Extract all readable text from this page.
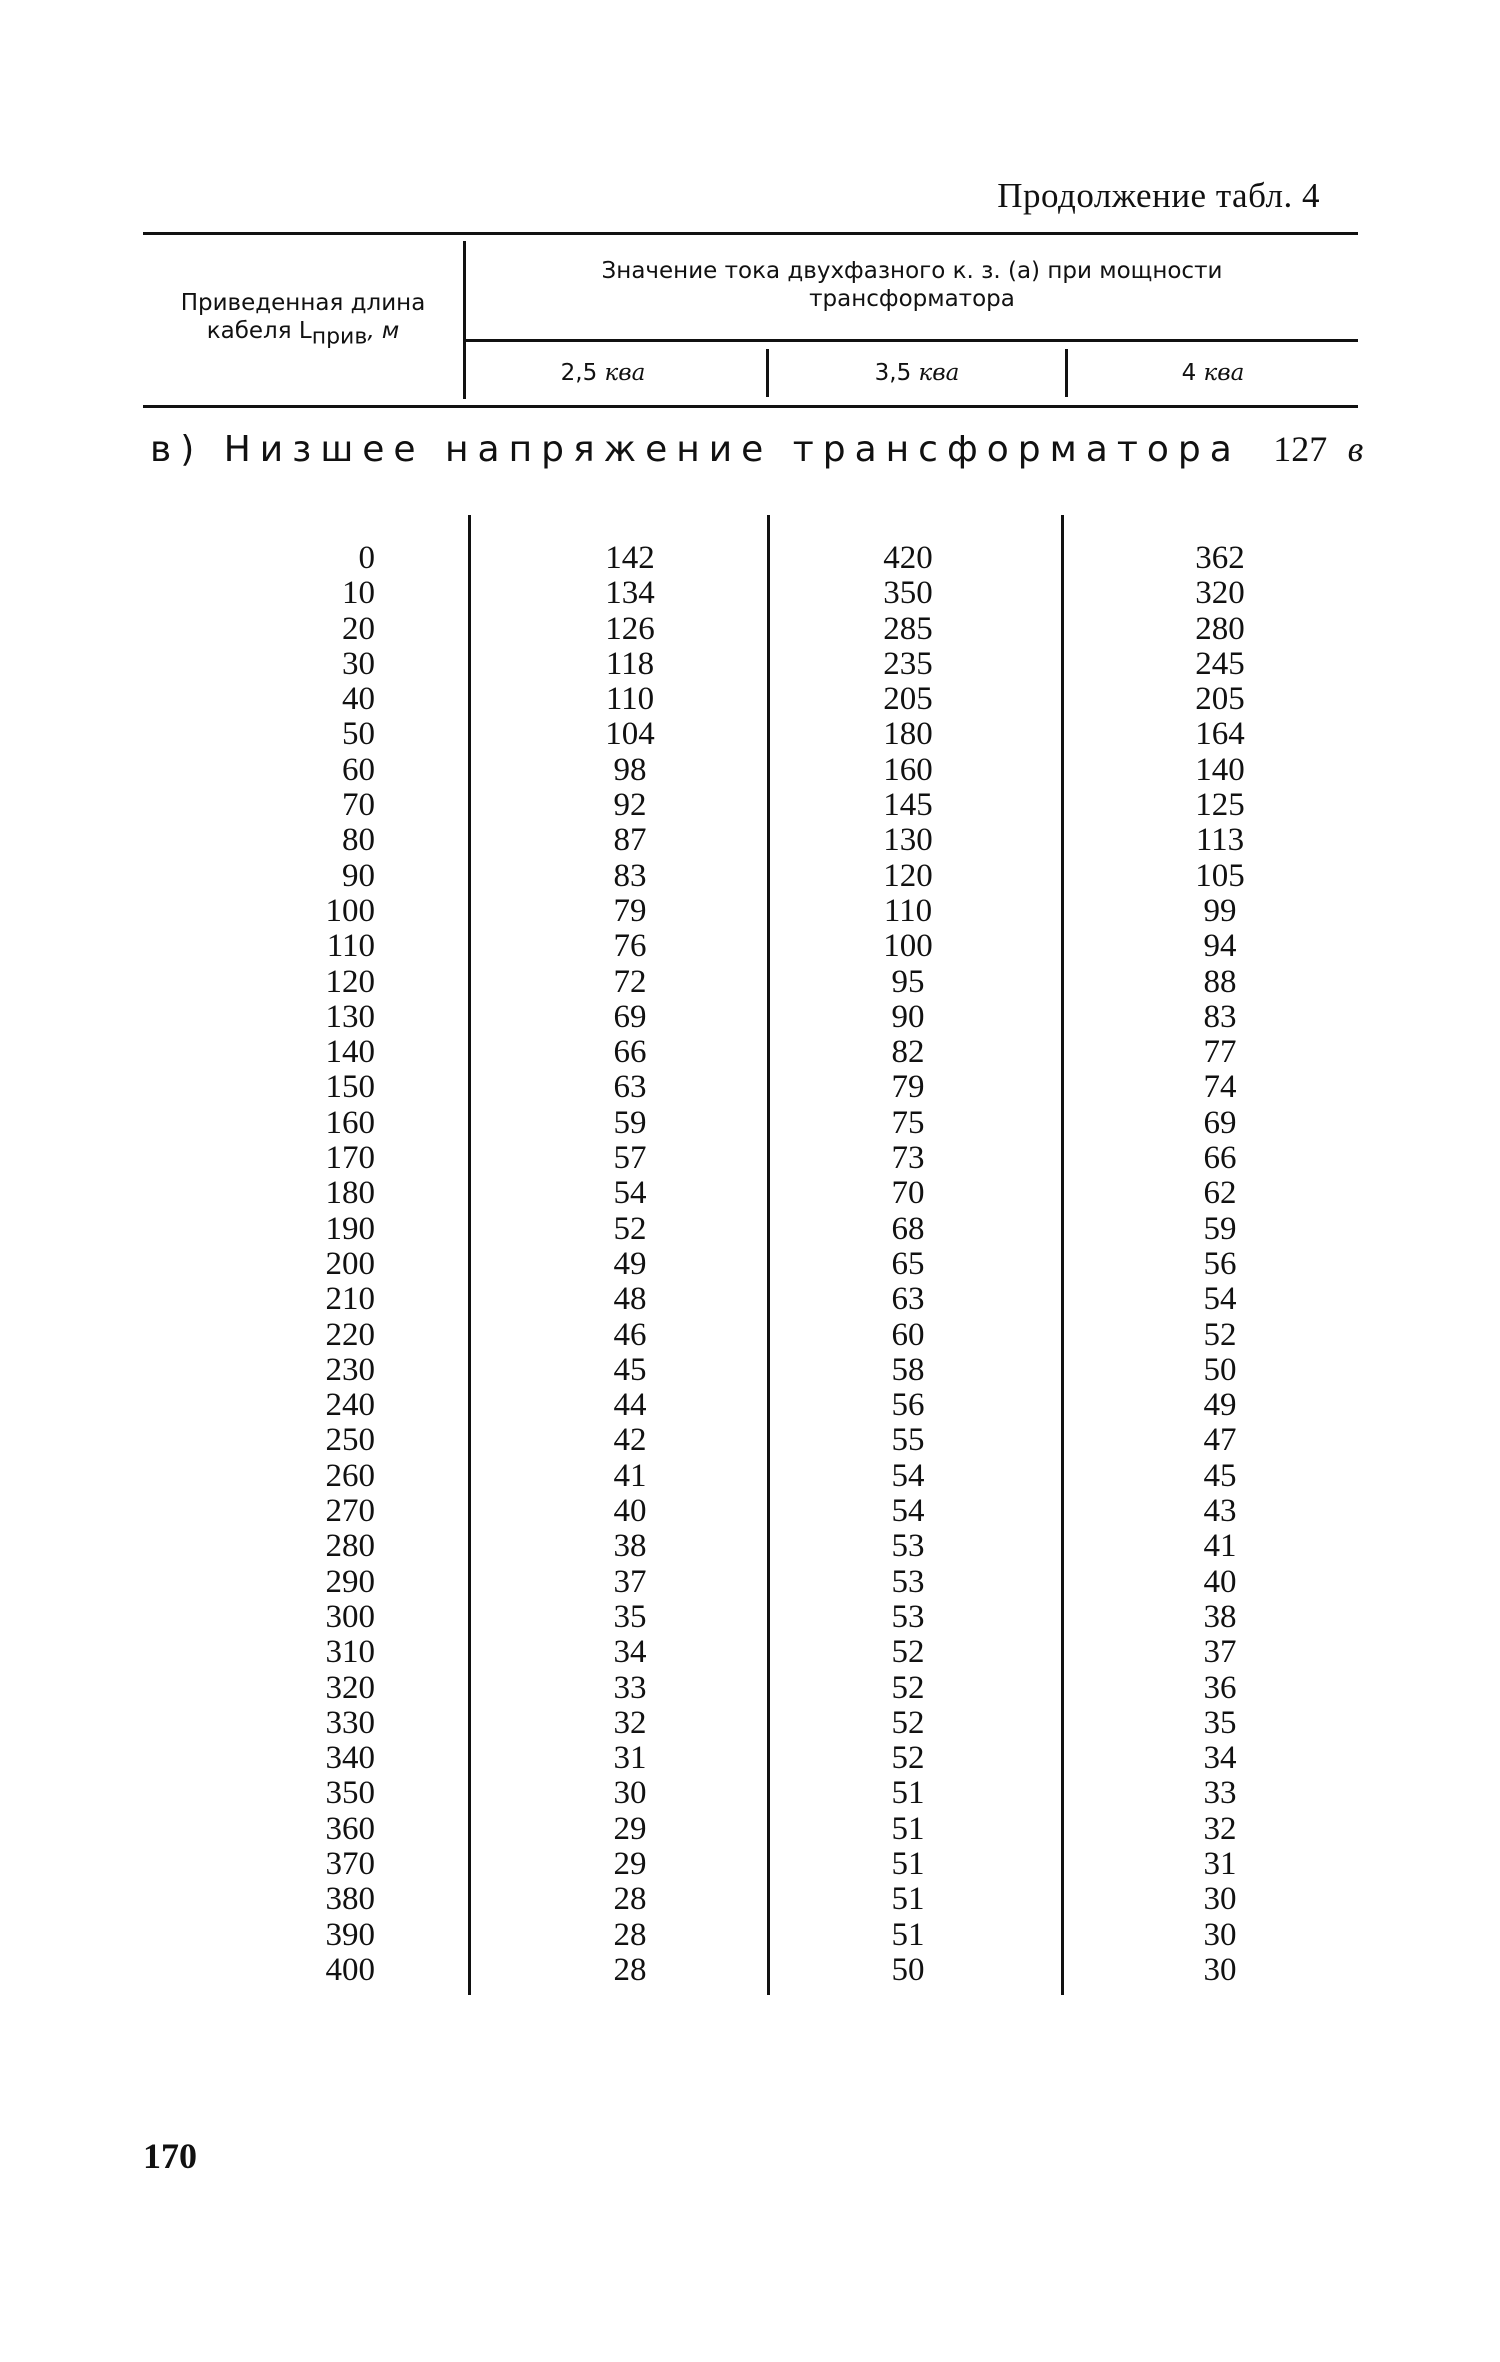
Продолжение табл. 4
Приведенная длина
кабеля $L_{прив}$, м
Значение тока двухфазного к. з. (а) при мощности
трансформатора
2,5 ква	3,5 ква	4 ква
в) Низшее напряжение трансформатора 127 в
0	142	420	362
10	134	350	320
20	126	285	280
30	118	235	245
40	110	205	205
50	104	180	164
60	98	160	140
70	92	145	125
80	87	130	113
90	83	120	105
100	79	110	99
110	76	100	94
120	72	95	88
130	69	90	83
140	66	82	77
150	63	79	74
160	59	75	69
170	57	73	66
180	54	70	62
190	52	68	59
200	49	65	56
210	48	63	54
220	46	60	52
230	45	58	50
240	44	56	49
250	42	55	47
260	41	54	45
270	40	54	43
280	38	53	41
290	37	53	40
300	35	53	38
310	34	52	37
320	33	52	36
330	32	52	35
340	31	52	34
350	30	51	33
360	29	51	32
370	29	51	31
380	28	51	30
390	28	51	30
400	28	50	30
170
